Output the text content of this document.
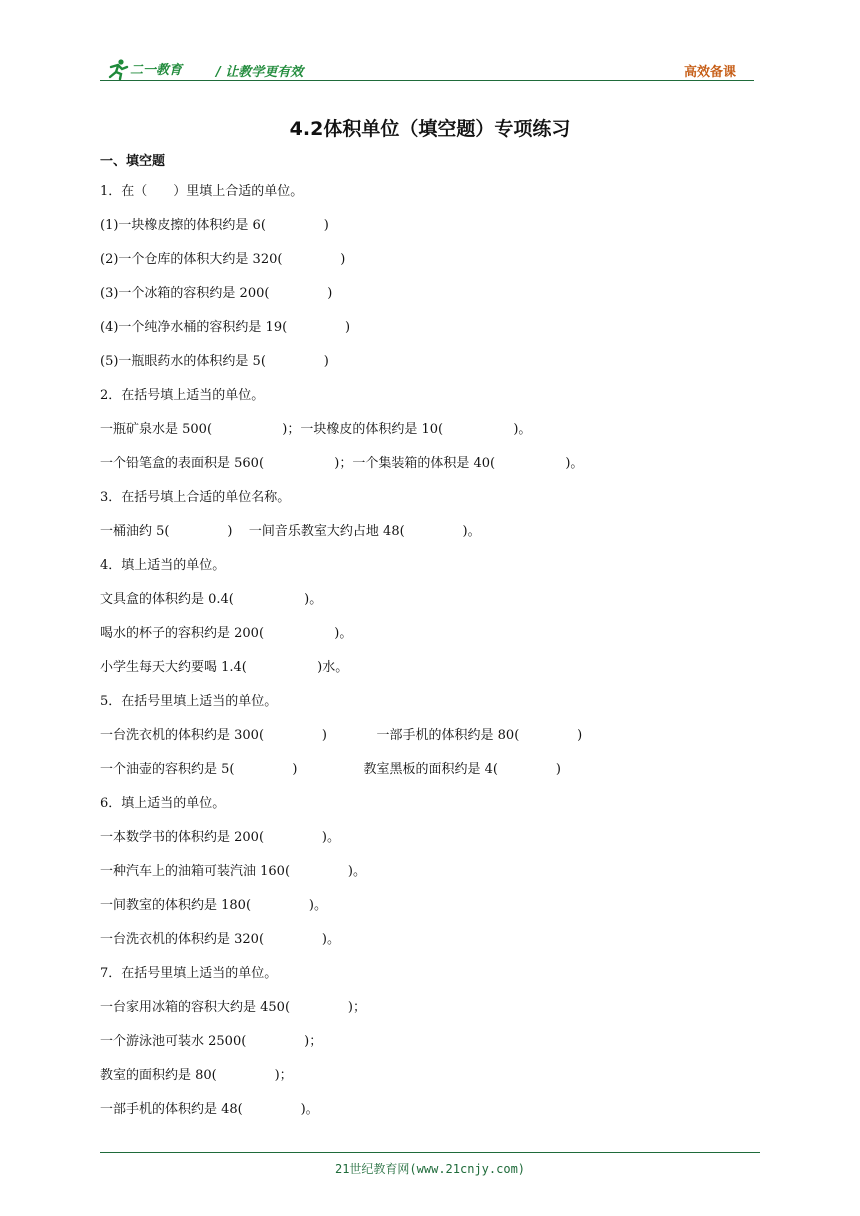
二一教育	/ 让教学更有效	高效备课
4.2体积单位（填空题）专项练习
一、填空题
1．在（　　）里填上合适的单位。
(1)一块橡皮擦的体积约是 6(              )
(2)一个仓库的体积大约是 320(              )
(3)一个冰箱的容积约是 200(              )
(4)一个纯净水桶的容积约是 19(              )
(5)一瓶眼药水的体积约是 5(              )
2．在括号填上适当的单位。
一瓶矿泉水是 500(                 )；一块橡皮的体积约是 10(                 )。
一个铅笔盒的表面积是 560(                 )；一个集装箱的体积是 40(                 )。
3．在括号填上合适的单位名称。
一桶油约 5(              )    一间音乐教室大约占地 48(              )。
4．填上适当的单位。
文具盒的体积约是 0.4(                 )。
喝水的杯子的容积约是 200(                 )。
小学生每天大约要喝 1.4(                 )水。
5．在括号里填上适当的单位。
一台洗衣机的体积约是 300(              )            一部手机的体积约是 80(              )
一个油壶的容积约是 5(              )                教室黑板的面积约是 4(              )
6．填上适当的单位。
一本数学书的体积约是 200(              )。
一种汽车上的油箱可装汽油 160(              )。
一间教室的体积约是 180(              )。
一台洗衣机的体积约是 320(              )。
7．在括号里填上适当的单位。
一台家用冰箱的容积大约是 450(              )；
一个游泳池可装水 2500(              )；
教室的面积约是 80(              )；
一部手机的体积约是 48(              )。
21世纪教育网(www.21cnjy.com)
